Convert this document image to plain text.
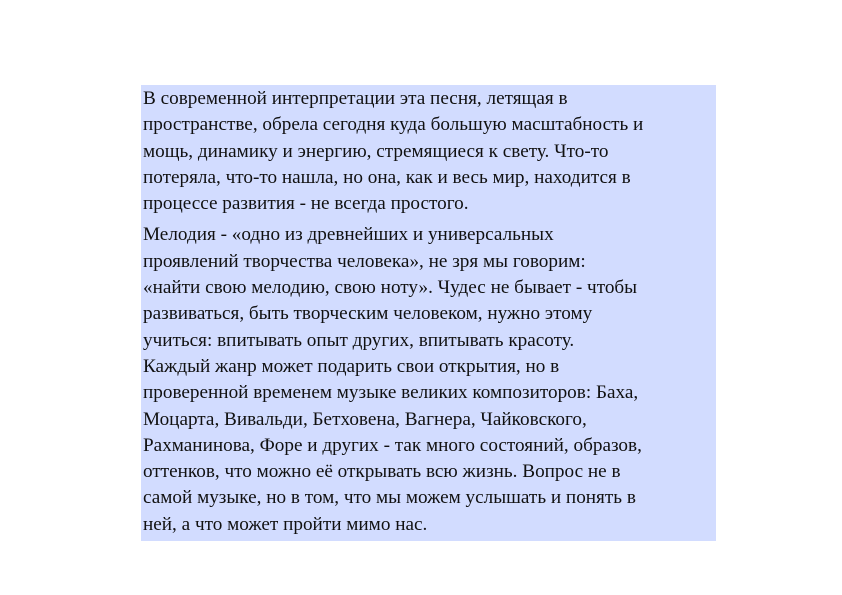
В современной интерпретации эта песня, летящая в
пространстве, обрела сегодня куда большую масштабность и
мощь, динамику и энергию, стремящиеся к свету. Что-то
потеряла, что-то нашла, но она, как и весь мир, находится в
процессе развития - не всегда простого.

Мелодия - «одно из древнейших и универсальных
проявлений творчества человека», не зря мы говорим:
«найти свою мелодию, свою ноту». Чудес не бывает - чтобы
развиваться, быть творческим человеком, нужно этому
учиться: впитывать опыт других, впитывать красоту.
Каждый жанр может подарить свои открытия, но в
проверенной временем музыке великих композиторов: Баха,
Моцарта, Вивальди, Бетховена, Вагнера, Чайковского,
Рахманинова, Форе и других - так много состояний, образов,
оттенков, что можно её открывать всю жизнь. Вопрос не в
самой музыке, но в том, что мы можем услышать и понять в
ней, а что может пройти мимо нас.
